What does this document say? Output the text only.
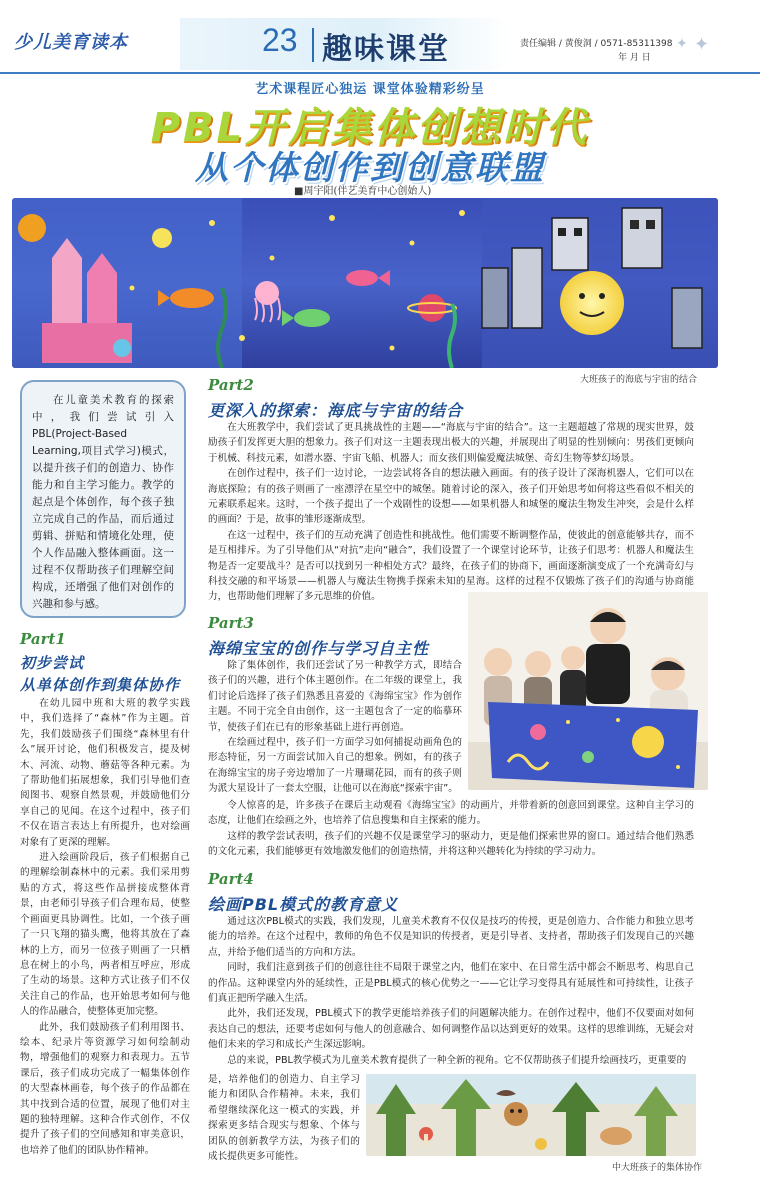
少儿美育读本	23 趣味课堂	责任编辑 / 黄俊洞 / 0571-85311398
年 月 日
✦ ✦
艺术课程匠心独运 课堂体验精彩纷呈
PBL开启集体创想时代
从个体创作到创意联盟
■周宇阳(伴艺美育中心创始人)
大班孩子的海底与宇宙的结合

在儿童美术教育的探索中，我们尝试引入PBL(Project-Based Learning,项目式学习)模式，以提升孩子们的创造力、协作能力和自主学习能力。教学的起点是个体创作，每个孩子独立完成自己的作品，而后通过剪辑、拼贴和情境化处理，使个人作品融入整体画面。这一过程不仅帮助孩子们理解空间构成，还增强了他们对创作的兴趣和参与感。

Part1
初步尝试
从单体创作到集体协作

在幼儿园中班和大班的教学实践中，我们选择了“森林”作为主题。首先，我们鼓励孩子们围绕“森林里有什么”展开讨论，他们积极发言，提及树木、河流、动物、蘑菇等各种元素。为了帮助他们拓展想象，我们引导他们查阅图书、观察自然景观，并鼓励他们分享自己的见闻。在这个过程中，孩子们不仅在语言表达上有所提升，也对绘画对象有了更深的理解。

进入绘画阶段后，孩子们根据自己的理解绘制森林中的元素。我们采用剪贴的方式，将这些作品拼接成整体背景，由老师引导孩子们合理布局，使整个画面更具协调性。比如，一个孩子画了一只飞翔的猫头鹰，他将其放在了森林的上方，而另一位孩子则画了一只栖息在树上的小鸟，两者相互呼应，形成了生动的场景。这种方式让孩子们不仅关注自己的作品，也开始思考如何与他人的作品融合，使整体更加完整。

此外，我们鼓励孩子们利用图书、绘本、纪录片等资源学习如何绘制动物，增强他们的观察力和表现力。五节课后，孩子们成功完成了一幅集体创作的大型森林画卷，每个孩子的作品都在其中找到合适的位置，展现了他们对主题的独特理解。这种合作式创作，不仅提升了孩子们的空间感知和审美意识，也培养了他们的团队协作精神。

Part2
更深入的探索：海底与宇宙的结合

在大班教学中，我们尝试了更具挑战性的主题——“海底与宇宙的结合”。这一主题超越了常规的现实世界，鼓励孩子们发挥更大胆的想象力。孩子们对这一主题表现出极大的兴趣，并展现出了明显的性别倾向：男孩们更倾向于机械、科技元素，如潜水器、宇宙飞船、机器人；而女孩们则偏爱魔法城堡、奇幻生物等梦幻场景。

在创作过程中，孩子们一边讨论，一边尝试将各自的想法融入画面。有的孩子设计了深海机器人，它们可以在海底探险；有的孩子则画了一座漂浮在星空中的城堡。随着讨论的深入，孩子们开始思考如何将这些看似不相关的元素联系起来。这时，一个孩子提出了一个戏剧性的设想——如果机器人和城堡的魔法生物发生冲突，会是什么样的画面？于是，故事的雏形逐渐成型。

在这一过程中，孩子们的互动充满了创造性和挑战性。他们需要不断调整作品，使彼此的创意能够共存，而不是互相排斥。为了引导他们从“对抗”走向“融合”，我们设置了一个课堂讨论环节，让孩子们思考：机器人和魔法生物是否一定要战斗？是否可以找到另一种相处方式？最终，在孩子们的协商下，画面逐渐演变成了一个充满奇幻与科技交融的和平场景——机器人与魔法生物携手探索未知的星海。这样的过程不仅锻炼了孩子们的沟通与协商能力，也帮助他们理解了多元思维的价值。

Part3
海绵宝宝的创作与学习自主性

除了集体创作，我们还尝试了另一种教学方式，即结合孩子们的兴趣，进行个体主题创作。在二年级的课堂上，我们讨论后选择了孩子们熟悉且喜爱的《海绵宝宝》作为创作主题。不同于完全自由创作，这一主题包含了一定的临摹环节，使孩子们在已有的形象基础上进行再创造。

在绘画过程中，孩子们一方面学习如何捕捉动画角色的形态特征，另一方面尝试加入自己的想象。例如，有的孩子在海绵宝宝的房子旁边增加了一片珊瑚花园，而有的孩子则为派大星设计了一套太空服，让他可以在海底“探索宇宙”。

令人惊喜的是，许多孩子在课后主动观看《海绵宝宝》的动画片，并带着新的创意回到课堂。这种自主学习的态度，让他们在绘画之外，也培养了信息搜集和自主探索的能力。

这样的教学尝试表明，孩子们的兴趣不仅是课堂学习的驱动力，更是他们探索世界的窗口。通过结合他们熟悉的文化元素，我们能够更有效地激发他们的创造热情，并将这种兴趣转化为持续的学习动力。

Part4
绘画PBL模式的教育意义

通过这次PBL模式的实践，我们发现，儿童美术教育不仅仅是技巧的传授，更是创造力、合作能力和独立思考能力的培养。在这个过程中，教师的角色不仅是知识的传授者，更是引导者、支持者，帮助孩子们发现自己的兴趣点，并给予他们适当的方向和方法。

同时，我们注意到孩子们的创意往往不局限于课堂之内，他们在家中、在日常生活中都会不断思考、构思自己的作品。这种课堂内外的延续性，正是PBL模式的核心优势之一——它让学习变得具有延展性和可持续性，让孩子们真正把所学融入生活。

此外，我们还发现，PBL模式下的教学更能培养孩子们的问题解决能力。在创作过程中，他们不仅要面对如何表达自己的想法，还要考虑如何与他人的创意融合、如何调整作品以达到更好的效果。这样的思维训练，无疑会对他们未来的学习和成长产生深远影响。

总的来说，PBL教学模式为儿童美术教育提供了一种全新的视角。它不仅帮助孩子们提升绘画技巧，更重要的

是，培养他们的创造力、自主学习能力和团队合作精神。未来，我们希望继续深化这一模式的实践，并探索更多结合现实与想象、个体与团队的创新教学方法，为孩子们的成长提供更多可能性。

中大班孩子的集体协作
